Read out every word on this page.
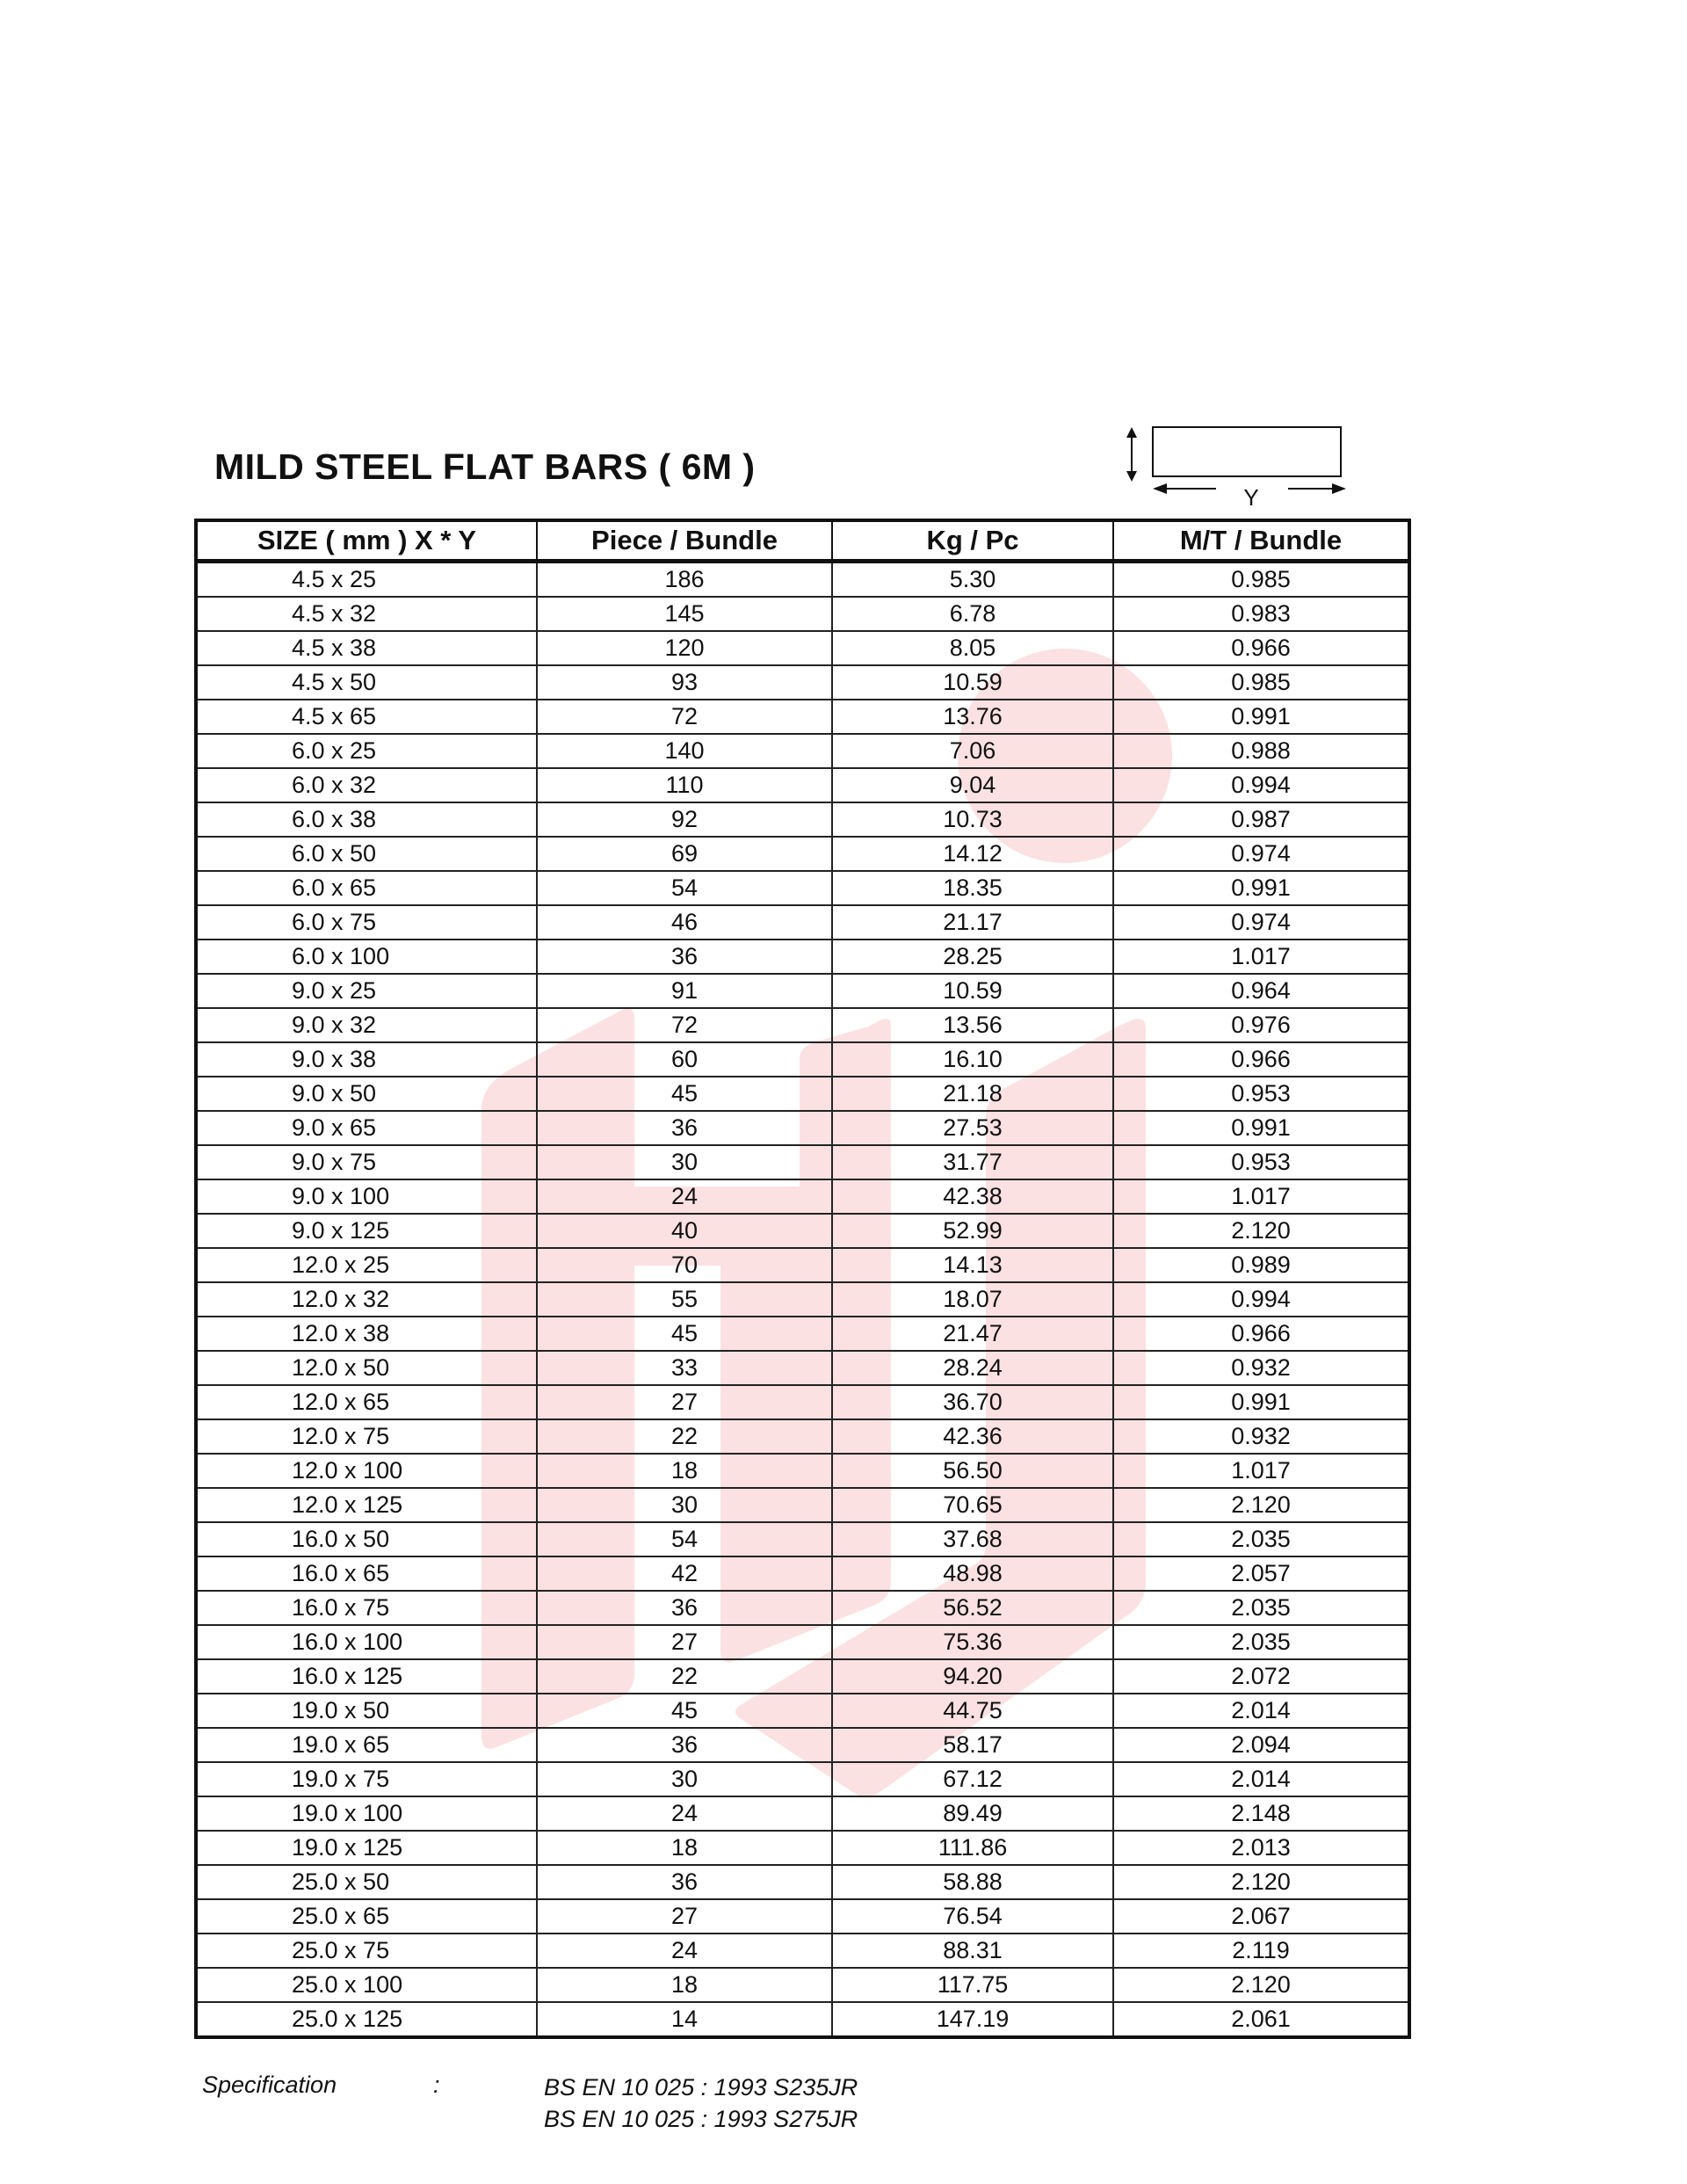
MILD STEEL FLAT BARS ( 6M )
Y
SIZE ( mm ) X * Y	Piece / Bundle	Kg / Pc	M/T / Bundle
4.5 x 25	186	5.30	0.985
4.5 x 32	145	6.78	0.983
4.5 x 38	120	8.05	0.966
4.5 x 50	93	10.59	0.985
4.5 x 65	72	13.76	0.991
6.0 x 25	140	7.06	0.988
6.0 x 32	110	9.04	0.994
6.0 x 38	92	10.73	0.987
6.0 x 50	69	14.12	0.974
6.0 x 65	54	18.35	0.991
6.0 x 75	46	21.17	0.974
6.0 x 100	36	28.25	1.017
9.0 x 25	91	10.59	0.964
9.0 x 32	72	13.56	0.976
9.0 x 38	60	16.10	0.966
9.0 x 50	45	21.18	0.953
9.0 x 65	36	27.53	0.991
9.0 x 75	30	31.77	0.953
9.0 x 100	24	42.38	1.017
9.0 x 125	40	52.99	2.120
12.0 x 25	70	14.13	0.989
12.0 x 32	55	18.07	0.994
12.0 x 38	45	21.47	0.966
12.0 x 50	33	28.24	0.932
12.0 x 65	27	36.70	0.991
12.0 x 75	22	42.36	0.932
12.0 x 100	18	56.50	1.017
12.0 x 125	30	70.65	2.120
16.0 x 50	54	37.68	2.035
16.0 x 65	42	48.98	2.057
16.0 x 75	36	56.52	2.035
16.0 x 100	27	75.36	2.035
16.0 x 125	22	94.20	2.072
19.0 x 50	45	44.75	2.014
19.0 x 65	36	58.17	2.094
19.0 x 75	30	67.12	2.014
19.0 x 100	24	89.49	2.148
19.0 x 125	18	111.86	2.013
25.0 x 50	36	58.88	2.120
25.0 x 65	27	76.54	2.067
25.0 x 75	24	88.31	2.119
25.0 x 100	18	117.75	2.120
25.0 x 125	14	147.19	2.061
Specification	:	BS EN 10 025 : 1993 S235JR
BS EN 10 025 : 1993 S275JR
